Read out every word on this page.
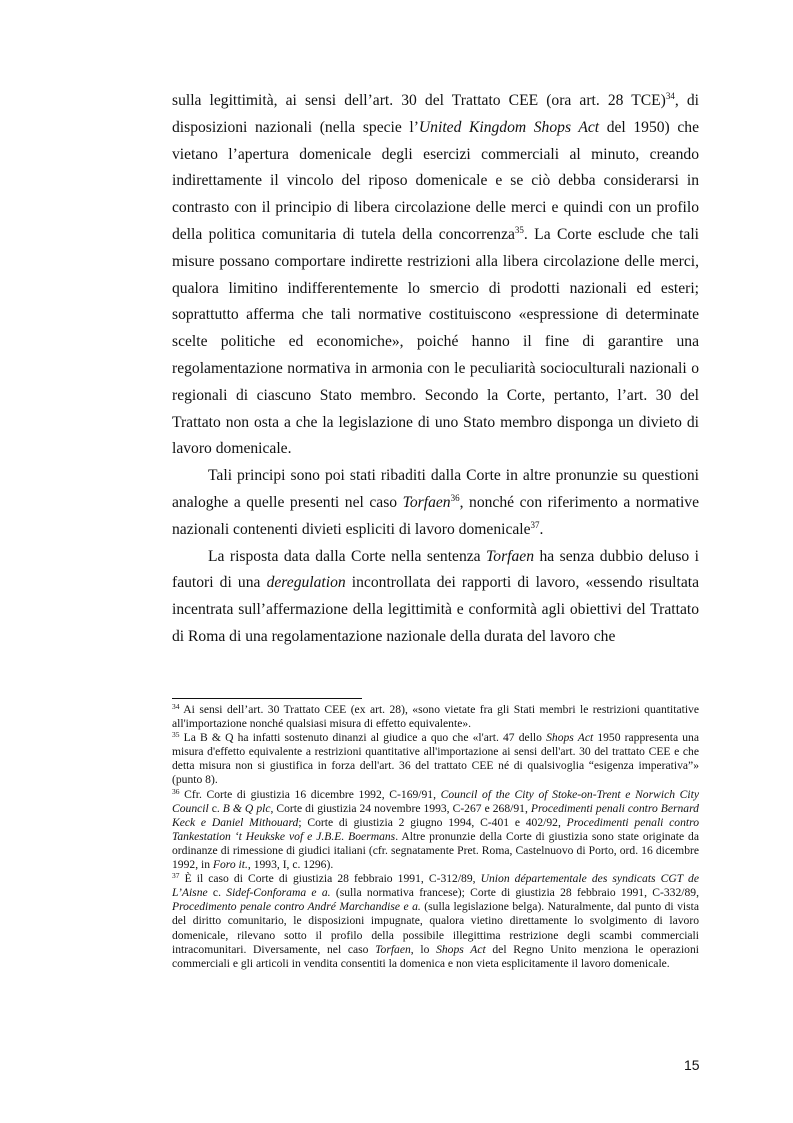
sulla legittimità, ai sensi dell’art. 30 del Trattato CEE (ora art. 28 TCE)$^{34}$, di disposizioni nazionali (nella specie l’United Kingdom Shops Act del 1950) che vietano l’apertura domenicale degli esercizi commerciali al minuto, creando indirettamente il vincolo del riposo domenicale e se ciò debba considerarsi in contrasto con il principio di libera circolazione delle merci e quindi con un profilo della politica comunitaria di tutela della concorrenza$^{35}$. La Corte esclude che tali misure possano comportare indirette restrizioni alla libera circolazione delle merci, qualora limitino indifferentemente lo smercio di prodotti nazionali ed esteri; soprattutto afferma che tali normative costituiscono «espressione di determinate scelte politiche ed economiche», poiché hanno il fine di garantire una regolamentazione normativa in armonia con le peculiarità socioculturali nazionali o regionali di ciascuno Stato membro. Secondo la Corte, pertanto, l’art. 30 del Trattato non osta a che la legislazione di uno Stato membro disponga un divieto di lavoro domenicale.

Tali principi sono poi stati ribaditi dalla Corte in altre pronunzie su questioni analoghe a quelle presenti nel caso Torfaen$^{36}$, nonché con riferimento a normative nazionali contenenti divieti espliciti di lavoro domenicale$^{37}$.

La risposta data dalla Corte nella sentenza Torfaen ha senza dubbio deluso i fautori di una deregulation incontrollata dei rapporti di lavoro, «essendo risultata incentrata sull’affermazione della legittimità e conformità agli obiettivi del Trattato di Roma di una regolamentazione nazionale della durata del lavoro che

$^{34}$ Ai sensi dell’art. 30 Trattato CEE (ex art. 28), «sono vietate fra gli Stati membri le restrizioni quantitative all'importazione nonché qualsiasi misura di effetto equivalente».

$^{35}$ La B & Q ha infatti sostenuto dinanzi al giudice a quo che «l'art. 47 dello Shops Act 1950 rappresenta una misura d'effetto equivalente a restrizioni quantitative all'importazione ai sensi dell'art. 30 del trattato CEE e che detta misura non si giustifica in forza dell'art. 36 del trattato CEE né di qualsivoglia “esigenza imperativa”» (punto 8).

$^{36}$ Cfr. Corte di giustizia 16 dicembre 1992, C-169/91, Council of the City of Stoke-on-Trent e Norwich City Council c. B & Q plc, Corte di giustizia 24 novembre 1993, C-267 e 268/91, Procedimenti penali contro Bernard Keck e Daniel Mithouard; Corte di giustizia 2 giugno 1994, C-401 e 402/92, Procedimenti penali contro Tankestation ‘t Heukske vof e J.B.E. Boermans. Altre pronunzie della Corte di giustizia sono state originate da ordinanze di rimessione di giudici italiani (cfr. segnatamente Pret. Roma, Castelnuovo di Porto, ord. 16 dicembre 1992, in Foro it., 1993, I, c. 1296).

$^{37}$ È il caso di Corte di giustizia 28 febbraio 1991, C-312/89, Union départementale des syndicats CGT de L’Aisne c. Sidef-Conforama e a. (sulla normativa francese); Corte di giustizia 28 febbraio 1991, C-332/89, Procedimento penale contro André Marchandise e a. (sulla legislazione belga). Naturalmente, dal punto di vista del diritto comunitario, le disposizioni impugnate, qualora vietino direttamente lo svolgimento di lavoro domenicale, rilevano sotto il profilo della possibile illegittima restrizione degli scambi commerciali intracomunitari. Diversamente, nel caso Torfaen, lo Shops Act del Regno Unito menziona le operazioni commerciali e gli articoli in vendita consentiti la domenica e non vieta esplicitamente il lavoro domenicale.

15
